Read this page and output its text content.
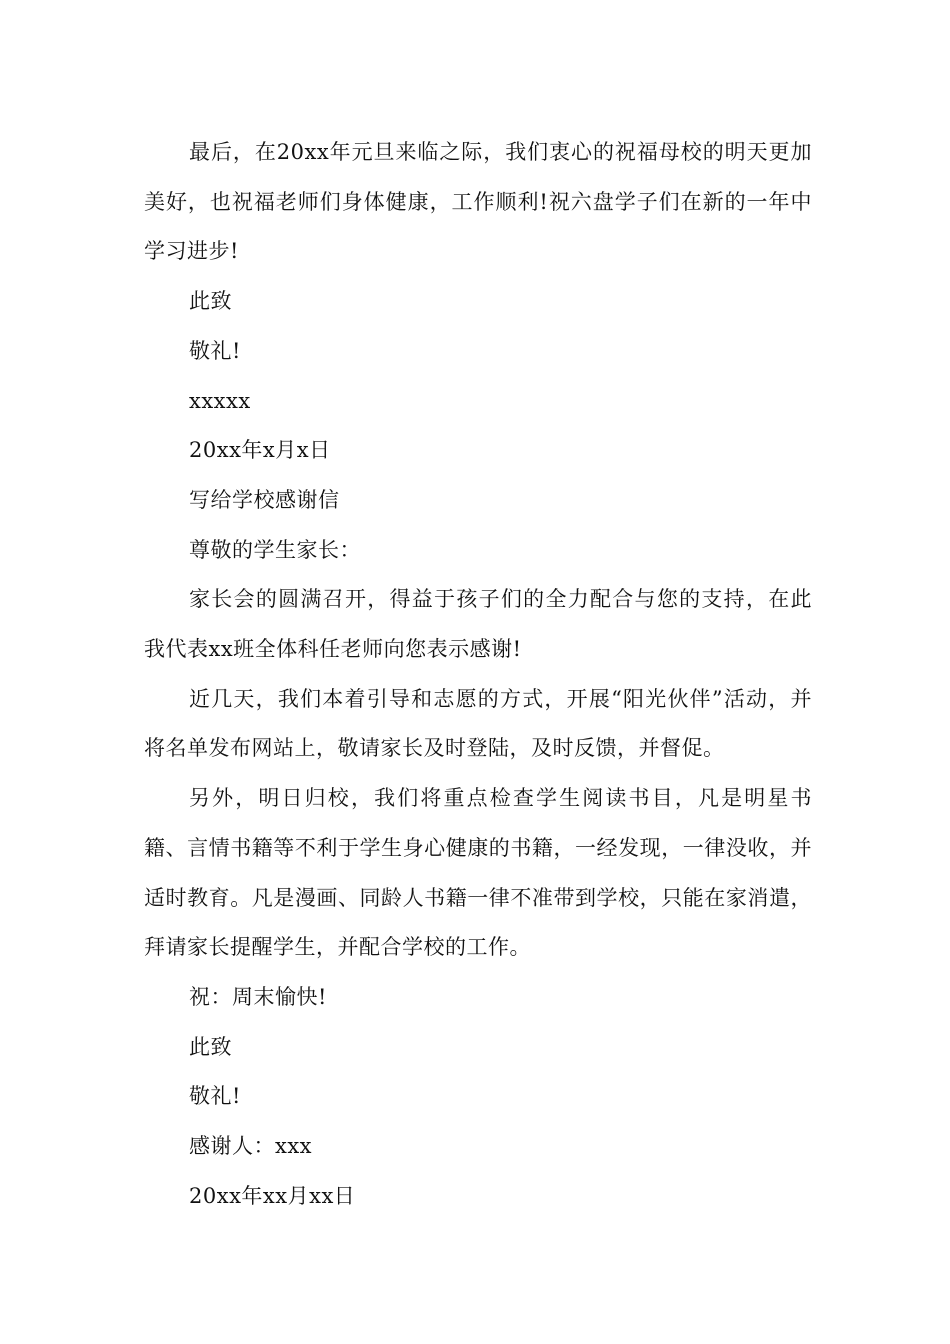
最后，在20xx年元旦来临之际，我们衷心的祝福母校的明天更加美好，也祝福老师们身体健康，工作顺利!祝六盘学子们在新的一年中学习进步!

此致

敬礼!

xxxxx

20xx年x月x日

写给学校感谢信

尊敬的学生家长：

家长会的圆满召开，得益于孩子们的全力配合与您的支持，在此我代表xx班全体科任老师向您表示感谢!

近几天，我们本着引导和志愿的方式，开展“阳光伙伴”活动，并将名单发布网站上，敬请家长及时登陆，及时反馈，并督促。

另外，明日归校，我们将重点检查学生阅读书目，凡是明星书籍、言情书籍等不利于学生身心健康的书籍，一经发现，一律没收，并适时教育。凡是漫画、同龄人书籍一律不准带到学校，只能在家消遣，拜请家长提醒学生，并配合学校的工作。

祝：周末愉快!

此致

敬礼!

感谢人：xxx

20xx年xx月xx日
